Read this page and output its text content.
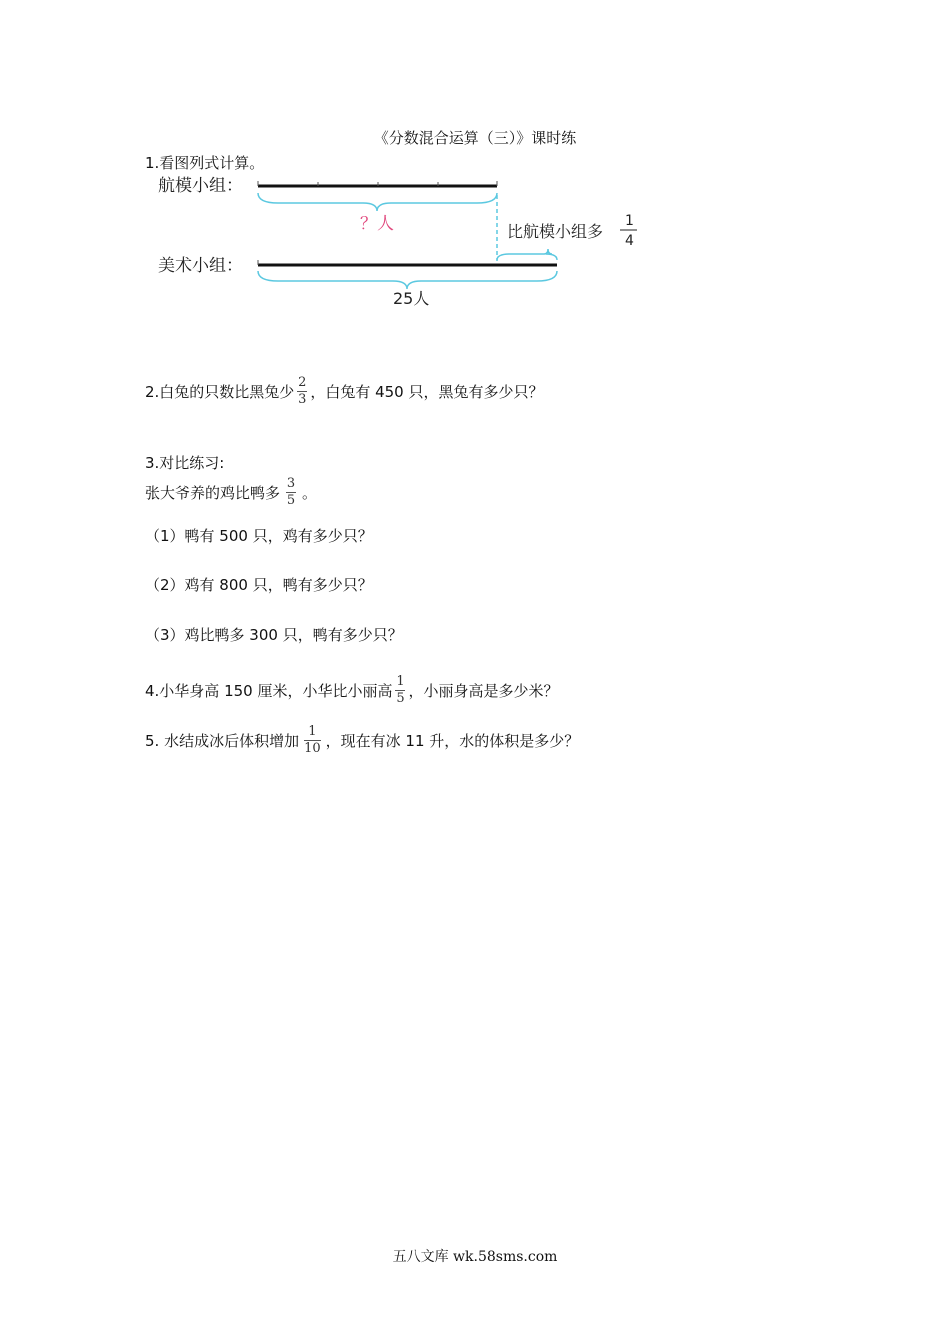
《分数混合运算（三）》课时练
1.看图列式计算。
航模小组：
？人	比航模小组多
1
4
美术小组：
25人
2.白兔的只数比黑兔少 $\frac{2}{3}$ ，白兔有 450 只，黑兔有多少只？
3.对比练习:
张大爷养的鸡比鸭多 $\frac{3}{5}$ 。
（1）鸭有 500 只，鸡有多少只？
（2）鸡有 800 只，鸭有多少只？
（3）鸡比鸭多 300 只，鸭有多少只？
4.小华身高 150 厘米，小华比小丽高 $\frac{1}{5}$ ，小丽身高是多少米？
5. 水结成冰后体积增加 $\frac{1}{10}$ ，现在有冰 11 升，水的体积是多少？
五八文库 wk.58sms.com
